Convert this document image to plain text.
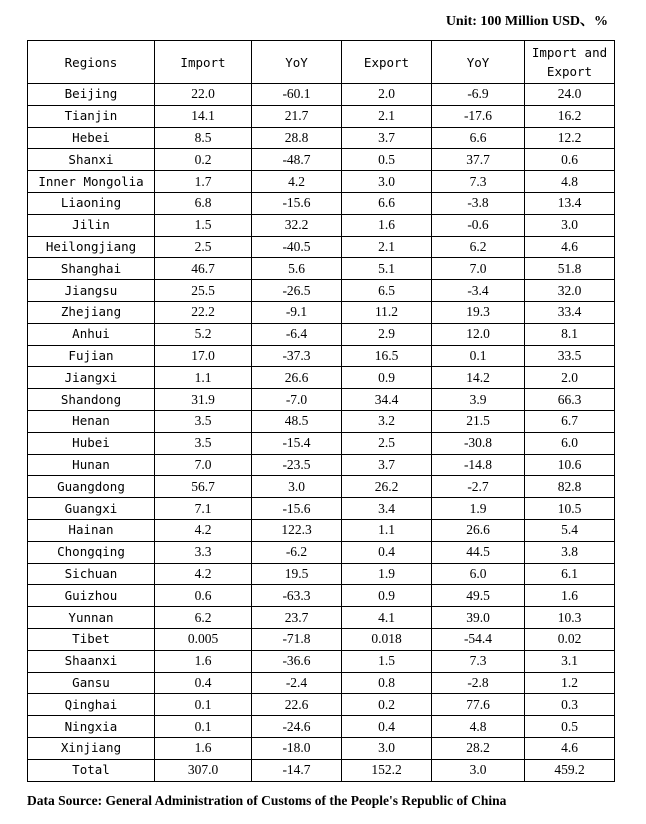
Unit: 100 Million USD、%
Regions	Import	YoY	Export	YoY	Import and Export
Beijing	22.0	-60.1	2.0	-6.9	24.0
Tianjin	14.1	21.7	2.1	-17.6	16.2
Hebei	8.5	28.8	3.7	6.6	12.2
Shanxi	0.2	-48.7	0.5	37.7	0.6
Inner Mongolia	1.7	4.2	3.0	7.3	4.8
Liaoning	6.8	-15.6	6.6	-3.8	13.4
Jilin	1.5	32.2	1.6	-0.6	3.0
Heilongjiang	2.5	-40.5	2.1	6.2	4.6
Shanghai	46.7	5.6	5.1	7.0	51.8
Jiangsu	25.5	-26.5	6.5	-3.4	32.0
Zhejiang	22.2	-9.1	11.2	19.3	33.4
Anhui	5.2	-6.4	2.9	12.0	8.1
Fujian	17.0	-37.3	16.5	0.1	33.5
Jiangxi	1.1	26.6	0.9	14.2	2.0
Shandong	31.9	-7.0	34.4	3.9	66.3
Henan	3.5	48.5	3.2	21.5	6.7
Hubei	3.5	-15.4	2.5	-30.8	6.0
Hunan	7.0	-23.5	3.7	-14.8	10.6
Guangdong	56.7	3.0	26.2	-2.7	82.8
Guangxi	7.1	-15.6	3.4	1.9	10.5
Hainan	4.2	122.3	1.1	26.6	5.4
Chongqing	3.3	-6.2	0.4	44.5	3.8
Sichuan	4.2	19.5	1.9	6.0	6.1
Guizhou	0.6	-63.3	0.9	49.5	1.6
Yunnan	6.2	23.7	4.1	39.0	10.3
Tibet	0.005	-71.8	0.018	-54.4	0.02
Shaanxi	1.6	-36.6	1.5	7.3	3.1
Gansu	0.4	-2.4	0.8	-2.8	1.2
Qinghai	0.1	22.6	0.2	77.6	0.3
Ningxia	0.1	-24.6	0.4	4.8	0.5
Xinjiang	1.6	-18.0	3.0	28.2	4.6
Total	307.0	-14.7	152.2	3.0	459.2
Data Source: General Administration of Customs of the People's Republic of China
